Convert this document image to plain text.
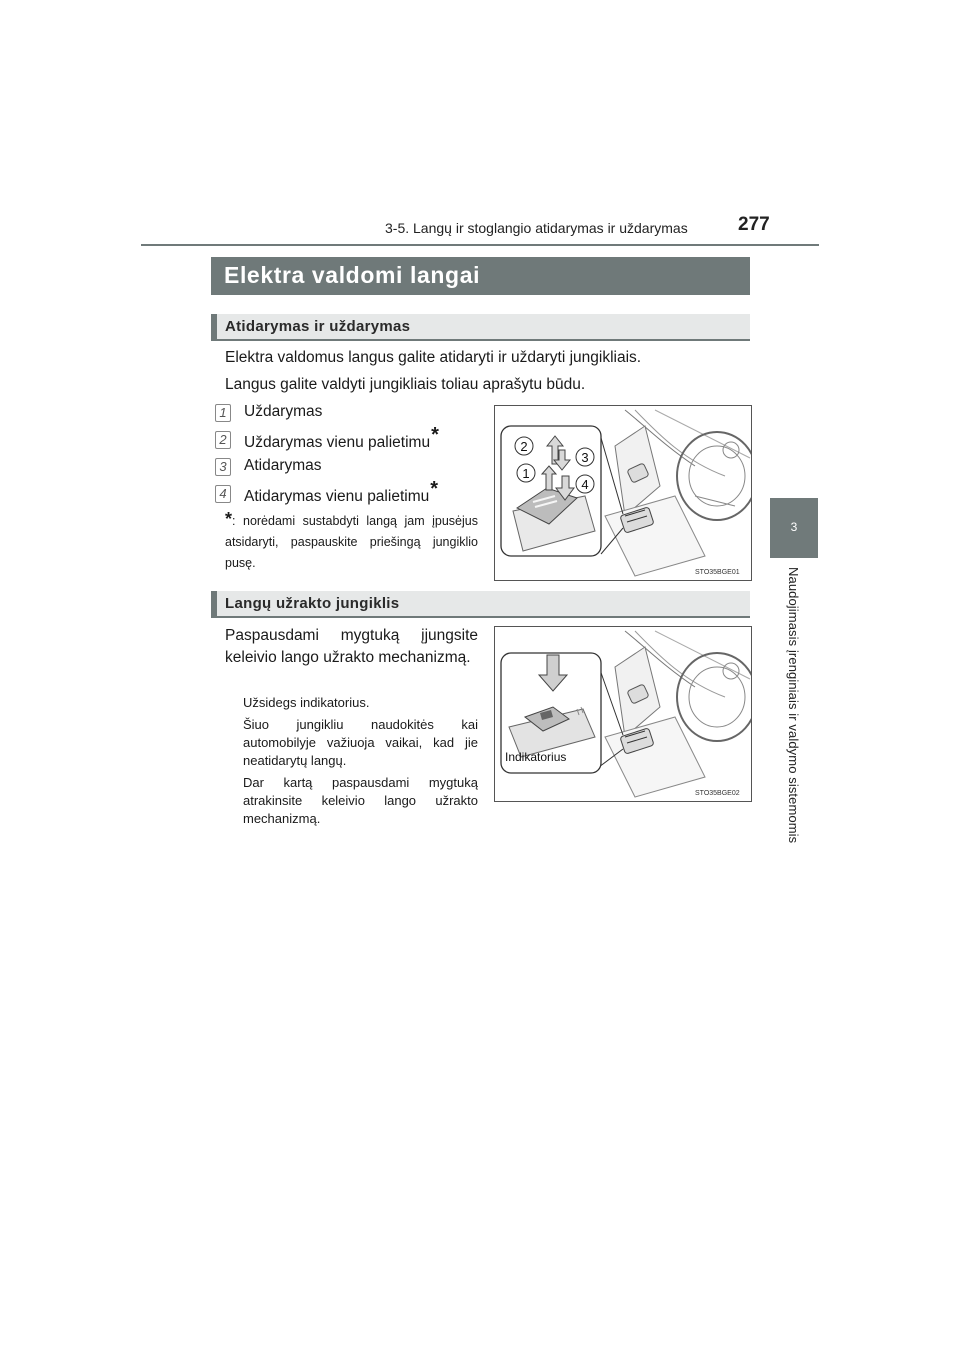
3-5. Langų ir stoglangio atidarymas ir uždarymas	277
3
Naudojimasis įrenginiais ir valdymo sistemomis
Elektra valdomi langai
Atidarymas ir uždarymas
Elektra valdomus langus galite atidaryti ir uždaryti jungikliais.
Langus galite valdyti jungikliais toliau aprašytu būdu.
1 Uždarymas
2 Uždarymas vienu palietimu*
3 Atidarymas
4 Atidarymas vienu palietimu*
*: norėdami sustabdyti langą jam įpusėjus atsidaryti, paspauskite priešingą jungiklio pusę.
2
3
1
4
STO35BGE01
Langų užrakto jungiklis
Paspausdami mygtuką įjungsite keleivio lango užrakto mechanizmą.
Užsidegs indikatorius.
Šiuo jungikliu naudokitės kai automobilyje važiuoja vaikai, kad jie neatidarytų langų.
Dar kartą paspausdami mygtuką atrakinsite keleivio lango užrakto mechanizmą.
Indikatorius
STO35BGE02
